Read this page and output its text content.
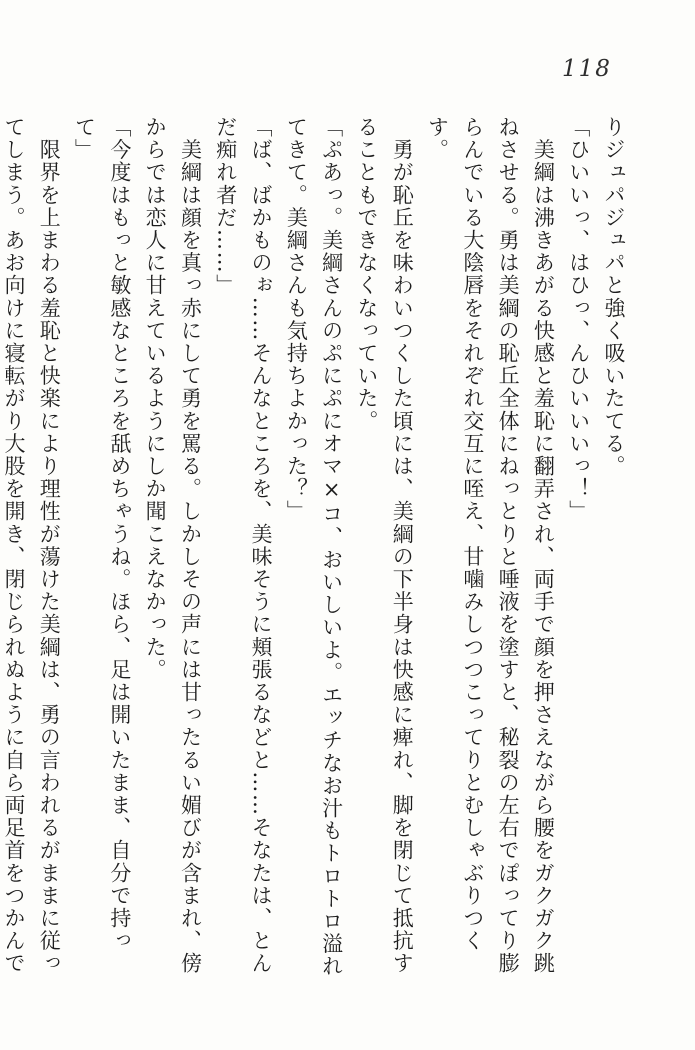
118

りジュパジュパと強く吸いたてる。

「ひいいっ、はひっ、んひいいいっ！」

　美綱は沸きあがる快感と羞恥に翻弄され、両手で顔を押さえながら腰をガクガク跳

ねさせる。勇は美綱の恥丘全体にねっとりと唾液を塗すと、秘裂の左右でぽってり膨

らんでいる大陰唇をそれぞれ交互に咥え、甘噛みしつつこってりとむしゃぶりつくす。

　勇が恥丘を味わいつくした頃には、美綱の下半身は快感に痺れ、脚を閉じて抵抗す

ることもできなくなっていた。

「ぷあっ。美綱さんのぷにぷにオマ×コ、おいしいよ。エッチなお汁もトロトロ溢れ

てきて。美綱さんも気持ちよかった？」

「ば、ばかものぉ……そんなところを、美味そうに頬張るなどと……そなたは、とん

だ痴れ者だ……」

　美綱は顔を真っ赤にして勇を罵る。しかしその声には甘ったるい媚びが含まれ、傍

からでは恋人に甘えているようにしか聞こえなかった。

「今度はもっと敏感なところを舐めちゃうね。ほら、足は開いたまま、自分で持って」

　限界を上まわる羞恥と快楽により理性が蕩けた美綱は、勇の言われるがままに従っ

てしまう。あお向けに寝転がり大股を開き、閉じられぬように自ら両足首をつかんで
